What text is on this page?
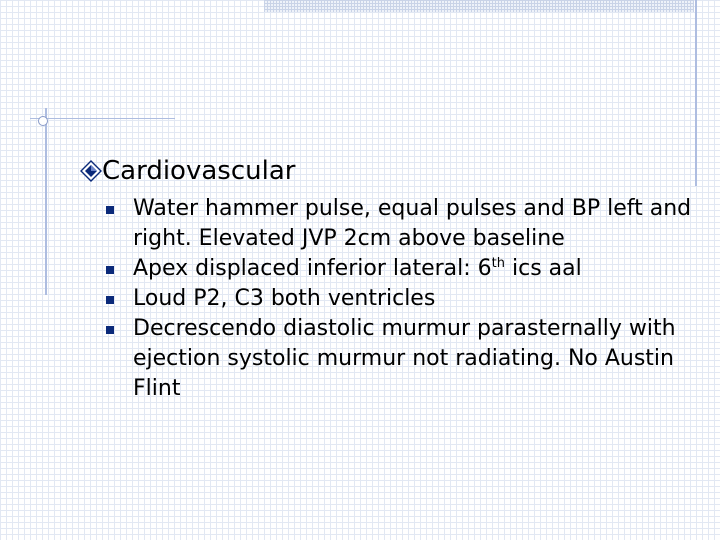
Cardiovascular
Water hammer pulse, equal pulses and BP left and right. Elevated JVP 2cm above baseline
Apex displaced inferior lateral: 6th ics aal
Loud P2, C3 both ventricles
Decrescendo diastolic murmur parasternally with ejection systolic murmur not radiating. No Austin Flint
